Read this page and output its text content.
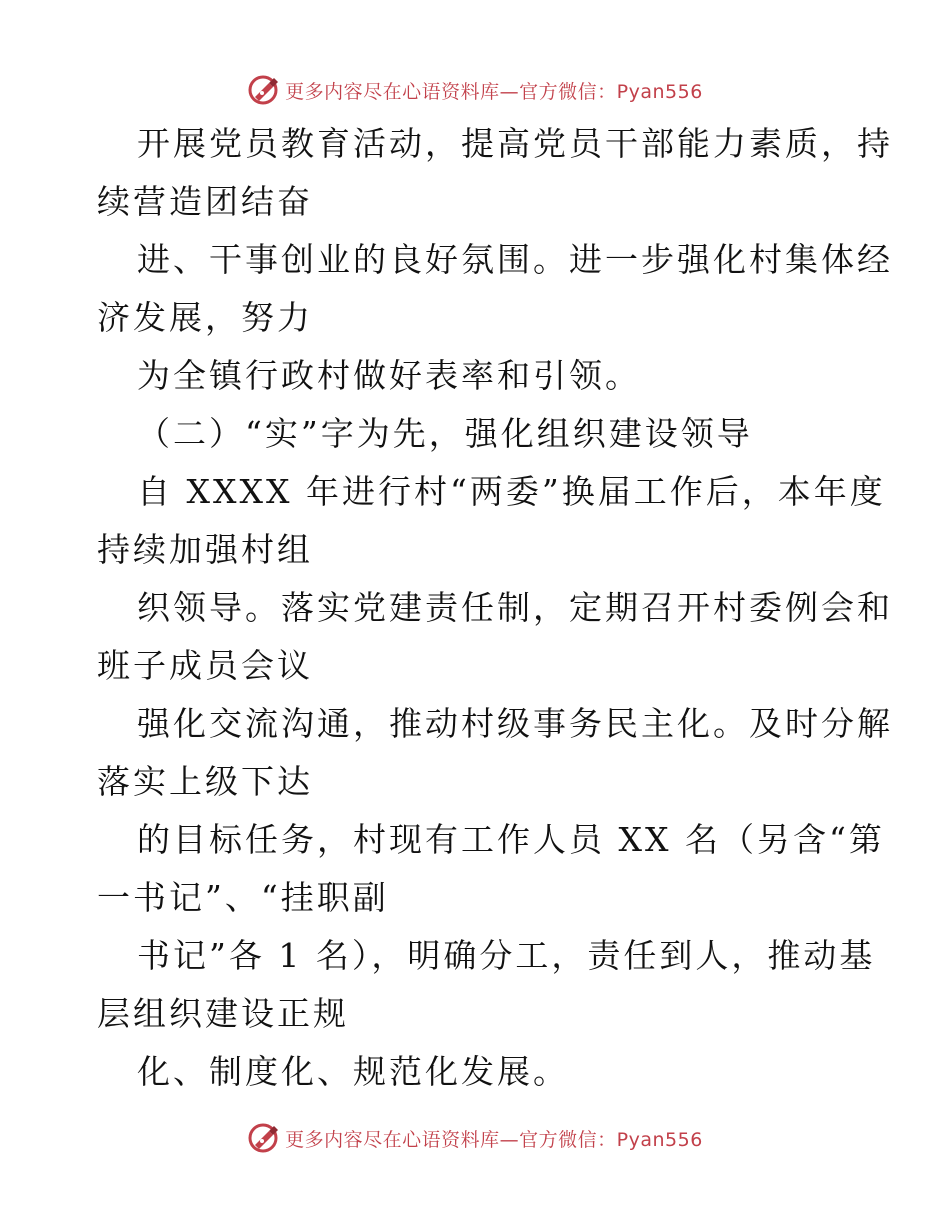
更多内容尽在心语资料库—官方微信：Pyan556
开展党员教育活动，提高党员干部能力素质，持
续营造团结奋
进、干事创业的良好氛围。进一步强化村集体经
济发展，努力
为全镇行政村做好表率和引领。
（二）“实”字为先，强化组织建设领导
自 XXXX 年进行村“两委”换届工作后，本年度
持续加强村组
织领导。落实党建责任制，定期召开村委例会和
班子成员会议
强化交流沟通，推动村级事务民主化。及时分解
落实上级下达
的目标任务，村现有工作人员 XX 名（另含“第
一书记”、“挂职副
书记”各 1 名），明确分工，责任到人，推动基
层组织建设正规
化、制度化、规范化发展。
更多内容尽在心语资料库—官方微信：Pyan556
